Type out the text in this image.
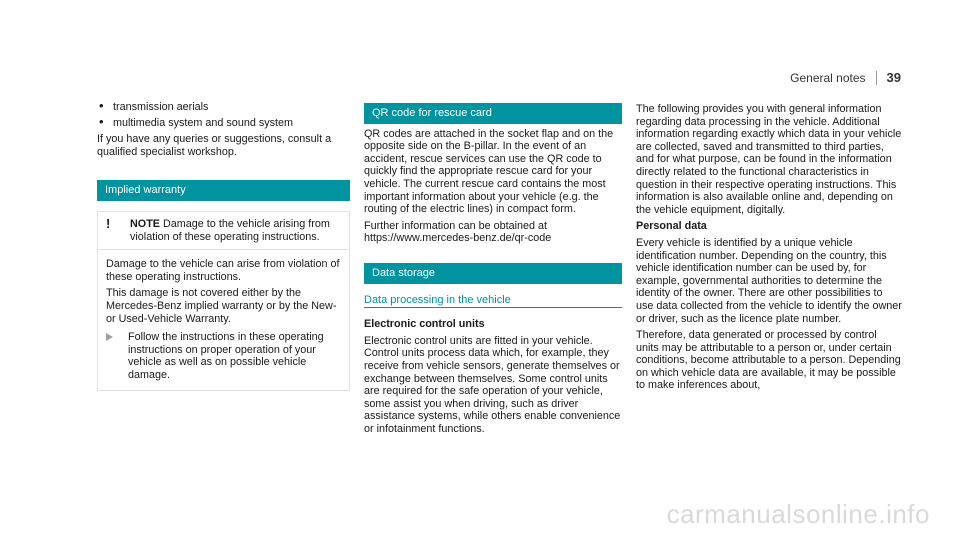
General notes 39
• transmission aerials
• multimedia system and sound system

If you have any queries or suggestions, consult a qualified specialist workshop.

Implied warranty
!	NOTE Damage to the vehicle arising from violation of these operating instructions.

Damage to the vehicle can arise from violation of these operating instructions.

This damage is not covered either by the Mercedes-Benz implied warranty or by the New- or Used-Vehicle Warranty.

Follow the instructions in these operating instructions on proper operation of your vehicle as well as on possible vehicle damage.
QR code for rescue card

QR codes are attached in the socket flap and on the opposite side on the B-pillar. In the event of an accident, rescue services can use the QR code to quickly find the appropriate rescue card for your vehicle. The current rescue card contains the most important information about your vehicle (e.g. the routing of the electric lines) in compact form.

Further information can be obtained at https://www.mercedes-benz.de/qr-code

Data storage
Data processing in the vehicle

Electronic control units

Electronic control units are fitted in your vehicle. Control units process data which, for example, they receive from vehicle sensors, generate themselves or exchange between themselves. Some control units are required for the safe operation of your vehicle, some assist you when driving, such as driver assistance systems, while others enable convenience or infotainment functions.

The following provides you with general information regarding data processing in the vehicle. Additional information regarding exactly which data in your vehicle are collected, saved and transmitted to third parties, and for what purpose, can be found in the information directly related to the functional characteristics in question in their respective operating instructions. This information is also available online and, depending on the vehicle equipment, digitally.

Personal data

Every vehicle is identified by a unique vehicle identification number. Depending on the country, this vehicle identification number can be used by, for example, governmental authorities to determine the identity of the owner. There are other possibilities to use data collected from the vehicle to identify the owner or driver, such as the licence plate number.

Therefore, data generated or processed by control units may be attributable to a person or, under certain conditions, become attributable to a person. Depending on which vehicle data are available, it may be possible to make inferences about,

carmanualsonline.info
